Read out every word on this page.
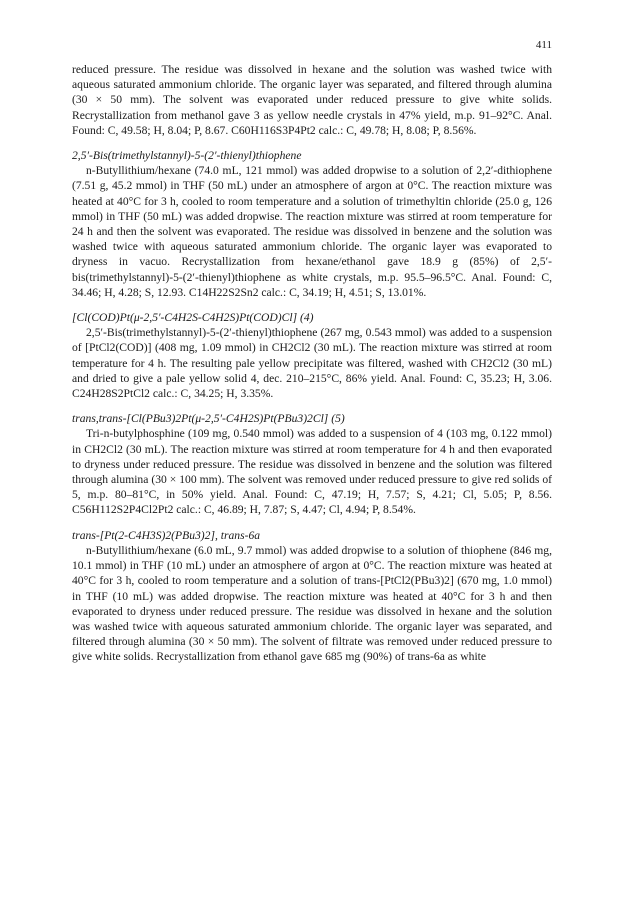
411

reduced pressure. The residue was dissolved in hexane and the solution was washed twice with aqueous saturated ammonium chloride. The organic layer was separated, and filtered through alumina (30 × 50 mm). The solvent was evaporated under reduced pressure to give white solids. Recrystallization from methanol gave 3 as yellow needle crystals in 47% yield, m.p. 91–92°C. Anal. Found: C, 49.58; H, 8.04; P, 8.67. C60H116S3P4Pt2 calc.: C, 49.78; H, 8.08; P, 8.56%.

2,5′-Bis(trimethylstannyl)-5-(2′-thienyl)thiophene

n-Butyllithium/hexane (74.0 mL, 121 mmol) was added dropwise to a solution of 2,2′-dithiophene (7.51 g, 45.2 mmol) in THF (50 mL) under an atmosphere of argon at 0°C. The reaction mixture was heated at 40°C for 3 h, cooled to room temperature and a solution of trimethyltin chloride (25.0 g, 126 mmol) in THF (50 mL) was added dropwise. The reaction mixture was stirred at room temperature for 24 h and then the solvent was evaporated. The residue was dissolved in benzene and the solution was washed twice with aqueous saturated ammonium chloride. The organic layer was evaporated to dryness in vacuo. Recrystallization from hexane/ethanol gave 18.9 g (85%) of 2,5′-bis(trimethylstannyl)-5-(2′-thienyl)thiophene as white crystals, m.p. 95.5–96.5°C. Anal. Found: C, 34.46; H, 4.28; S, 12.93. C14H22S2Sn2 calc.: C, 34.19; H, 4.51; S, 13.01%.

[Cl(COD)Pt(μ-2,5′-C4H2S-C4H2S)Pt(COD)Cl] (4)

2,5′-Bis(trimethylstannyl)-5-(2′-thienyl)thiophene (267 mg, 0.543 mmol) was added to a suspension of [PtCl2(COD)] (408 mg, 1.09 mmol) in CH2Cl2 (30 mL). The reaction mixture was stirred at room temperature for 4 h. The resulting pale yellow precipitate was filtered, washed with CH2Cl2 (30 mL) and dried to give a pale yellow solid 4, dec. 210–215°C, 86% yield. Anal. Found: C, 35.23; H, 3.06. C24H28S2PtCl2 calc.: C, 34.25; H, 3.35%.

trans,trans-[Cl(PBu3)2Pt(μ-2,5′-C4H2S)Pt(PBu3)2Cl] (5)

Tri-n-butylphosphine (109 mg, 0.540 mmol) was added to a suspension of 4 (103 mg, 0.122 mmol) in CH2Cl2 (30 mL). The reaction mixture was stirred at room temperature for 4 h and then evaporated to dryness under reduced pressure. The residue was dissolved in benzene and the solution was filtered through alumina (30 × 100 mm). The solvent was removed under reduced pressure to give red solids of 5, m.p. 80–81°C, in 50% yield. Anal. Found: C, 47.19; H, 7.57; S, 4.21; Cl, 5.05; P, 8.56. C56H112S2P4Cl2Pt2 calc.: C, 46.89; H, 7.87; S, 4.47; Cl, 4.94; P, 8.54%.

trans-[Pt(2-C4H3S)2(PBu3)2], trans-6a

n-Butyllithium/hexane (6.0 mL, 9.7 mmol) was added dropwise to a solution of thiophene (846 mg, 10.1 mmol) in THF (10 mL) under an atmosphere of argon at 0°C. The reaction mixture was heated at 40°C for 3 h, cooled to room temperature and a solution of trans-[PtCl2(PBu3)2] (670 mg, 1.0 mmol) in THF (10 mL) was added dropwise. The reaction mixture was heated at 40°C for 3 h and then evaporated to dryness under reduced pressure. The residue was dissolved in hexane and the solution was washed twice with aqueous saturated ammonium chloride. The organic layer was separated, and filtered through alumina (30 × 50 mm). The solvent of filtrate was removed under reduced pressure to give white solids. Recrystallization from ethanol gave 685 mg (90%) of trans-6a as white
